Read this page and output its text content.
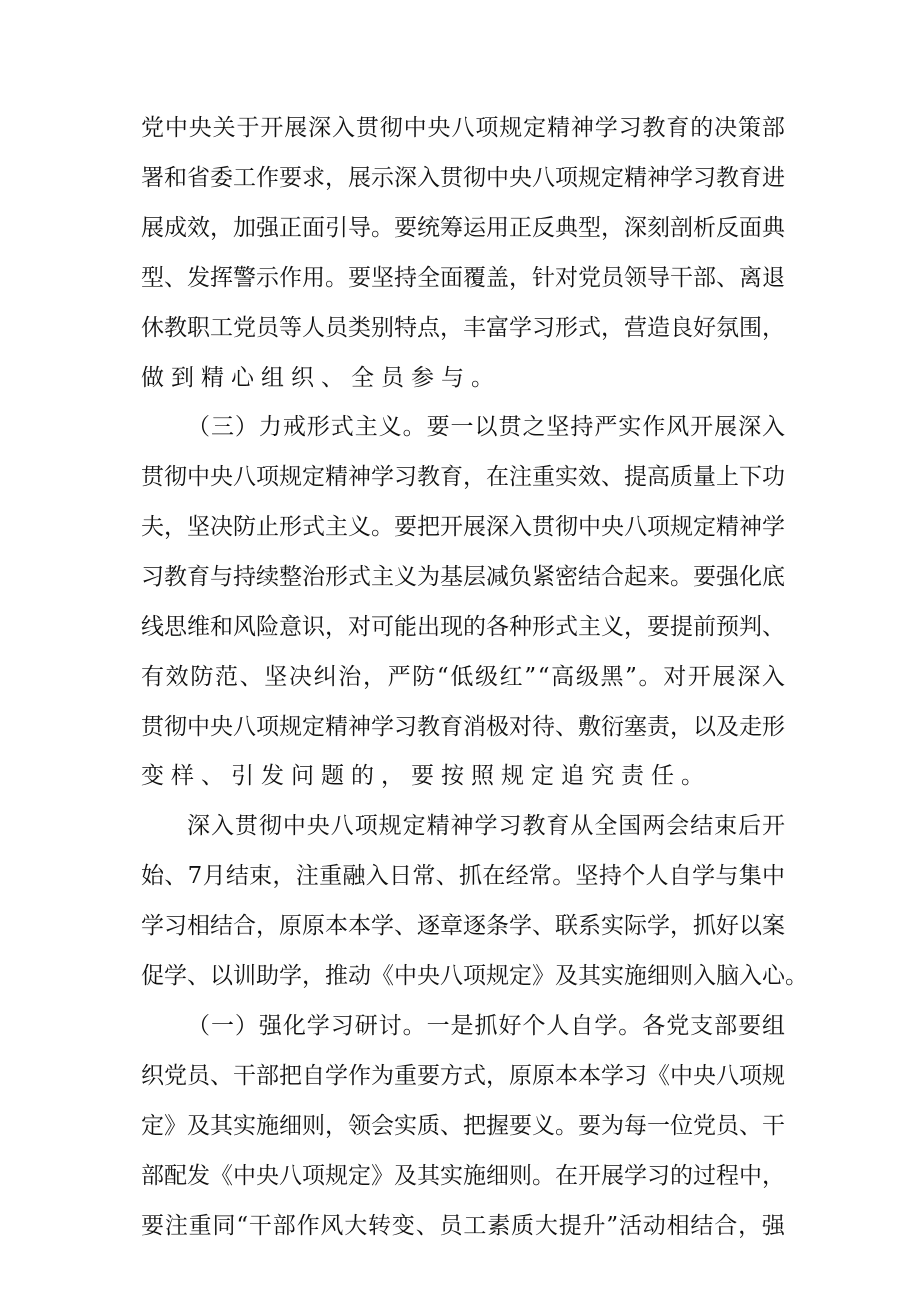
党中央关于开展深入贯彻中央八项规定精神学习教育的决策部
署和省委工作要求，展示深入贯彻中央八项规定精神学习教育进
展成效，加强正面引导。要统筹运用正反典型，深刻剖析反面典
型、发挥警示作用。要坚持全面覆盖，针对党员领导干部、离退
休教职工党员等人员类别特点，丰富学习形式，营造良好氛围，
做到精心组织、全员参与。
（三）力戒形式主义。要一以贯之坚持严实作风开展深入
贯彻中央八项规定精神学习教育，在注重实效、提高质量上下功
夫，坚决防止形式主义。要把开展深入贯彻中央八项规定精神学
习教育与持续整治形式主义为基层减负紧密结合起来。要强化底
线思维和风险意识，对可能出现的各种形式主义，要提前预判、
有效防范、坚决纠治，严防“低级红”“高级黑”。对开展深入
贯彻中央八项规定精神学习教育消极对待、敷衍塞责，以及走形
变样、引发问题的，要按照规定追究责任。
深入贯彻中央八项规定精神学习教育从全国两会结束后开
始、7月结束，注重融入日常、抓在经常。坚持个人自学与集中
学习相结合，原原本本学、逐章逐条学、联系实际学，抓好以案
促学、以训助学，推动《中央八项规定》及其实施细则入脑入心。
（一）强化学习研讨。一是抓好个人自学。各党支部要组
织党员、干部把自学作为重要方式，原原本本学习《中央八项规
定》及其实施细则，领会实质、把握要义。要为每一位党员、干
部配发《中央八项规定》及其实施细则。在开展学习的过程中，
要注重同“干部作风大转变、员工素质大提升”活动相结合，强
